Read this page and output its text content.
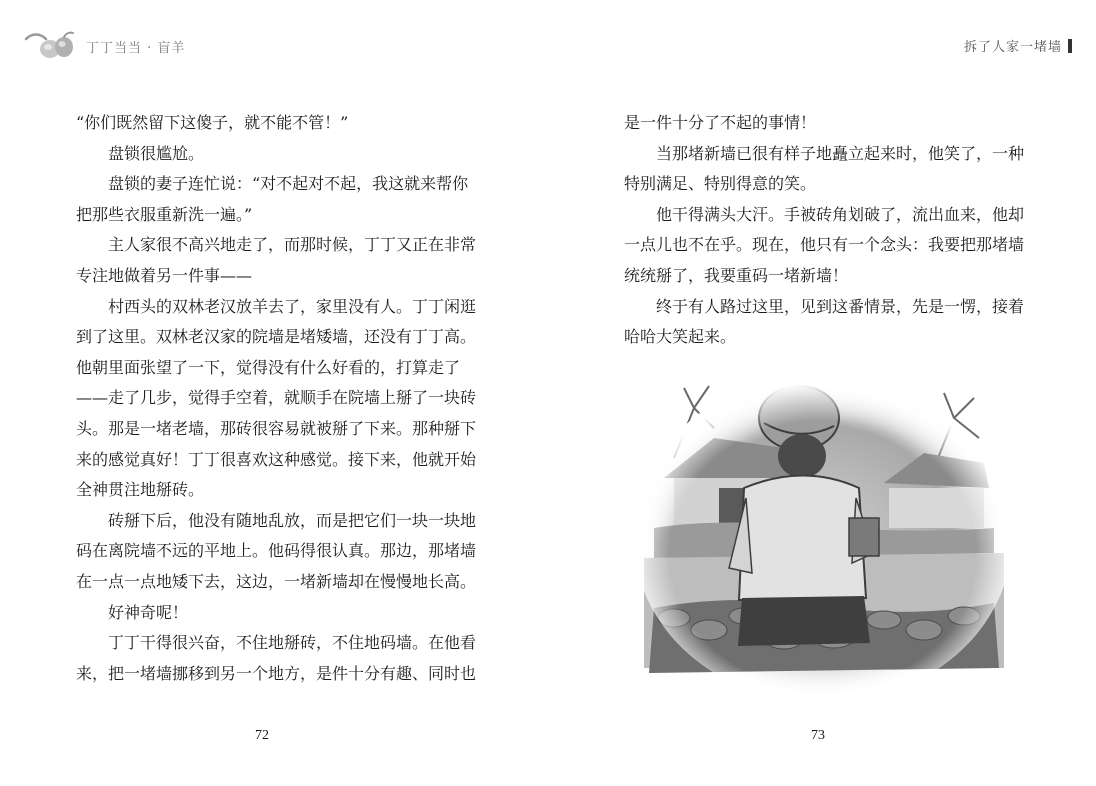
丁丁当当 · 盲羊

“你们既然留下这傻子，就不能不管！”

盘锁很尴尬。

盘锁的妻子连忙说：“对不起对不起，我这就来帮你把那些衣服重新洗一遍。”

主人家很不高兴地走了，而那时候，丁丁又正在非常专注地做着另一件事——

村西头的双林老汉放羊去了，家里没有人。丁丁闲逛到了这里。双林老汉家的院墙是堵矮墙，还没有丁丁高。他朝里面张望了一下，觉得没有什么好看的，打算走了——走了几步，觉得手空着，就顺手在院墙上掰了一块砖头。那是一堵老墙，那砖很容易就被掰了下来。那种掰下来的感觉真好！丁丁很喜欢这种感觉。接下来，他就开始全神贯注地掰砖。

砖掰下后，他没有随地乱放，而是把它们一块一块地码在离院墙不远的平地上。他码得很认真。那边，那堵墙在一点一点地矮下去，这边，一堵新墙却在慢慢地长高。

好神奇呢！

丁丁干得很兴奋，不住地掰砖，不住地码墙。在他看来，把一堵墙挪移到另一个地方，是件十分有趣、同时也

72
拆了人家一堵墙

是一件十分了不起的事情！

当那堵新墙已很有样子地矗立起来时，他笑了，一种特别满足、特别得意的笑。

他干得满头大汗。手被砖角划破了，流出血来，他却一点儿也不在乎。现在，他只有一个念头：我要把那堵墙统统掰了，我要重码一堵新墙！

终于有人路过这里，见到这番情景，先是一愣，接着哈哈大笑起来。

73
